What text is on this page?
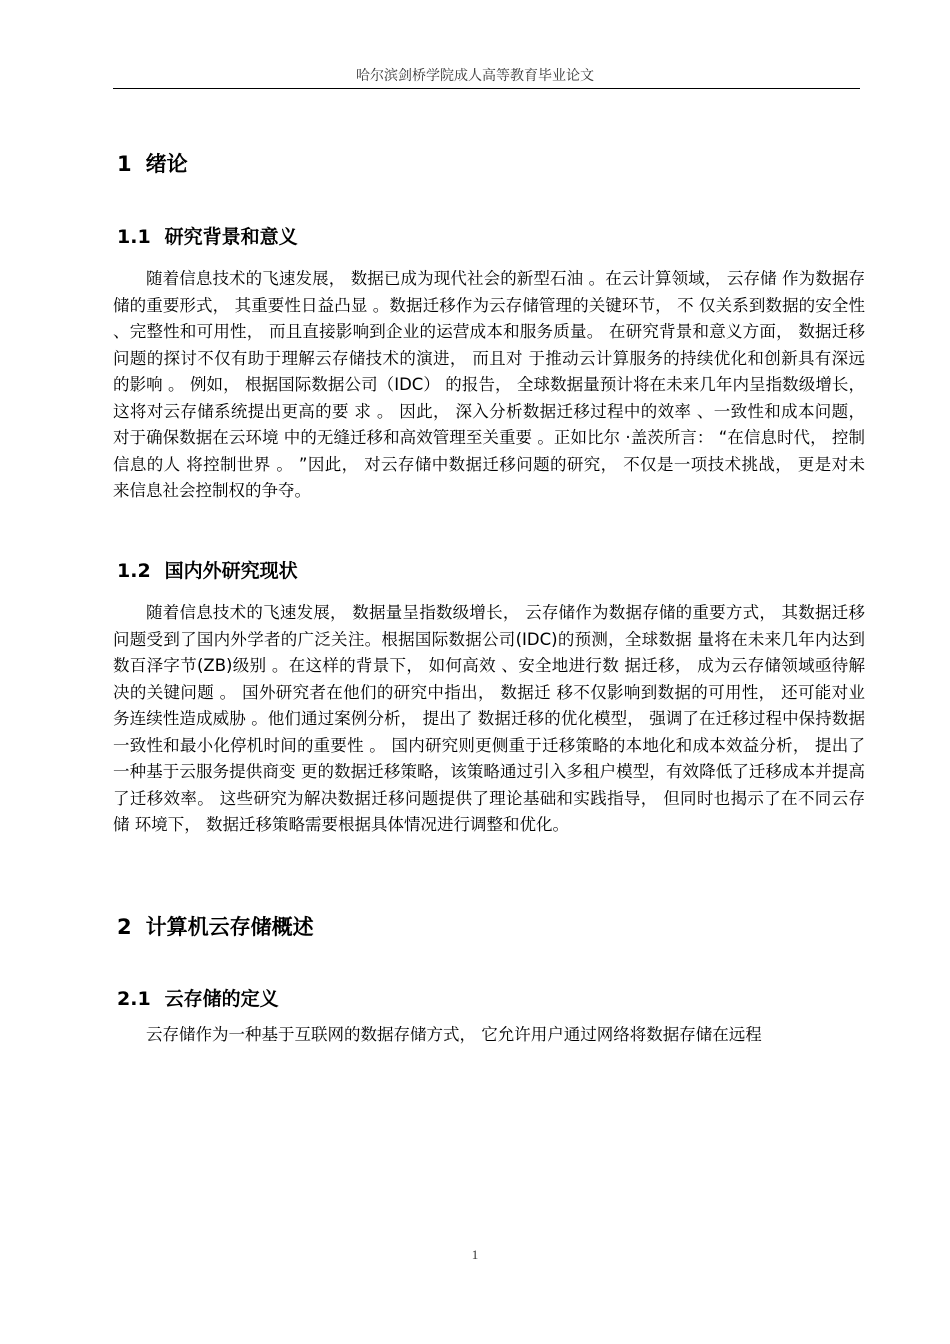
哈尔滨剑桥学院成人高等教育毕业论文
1 绪论
1.1 研究背景和意义

随着信息技术的飞速发展， 数据已成为现代社会的新型石油 。在云计算领域， 云存储 作为数据存储的重要形式， 其重要性日益凸显 。数据迁移作为云存储管理的关键环节， 不 仅关系到数据的安全性 、完整性和可用性， 而且直接影响到企业的运营成本和服务质量。 在研究背景和意义方面， 数据迁移问题的探讨不仅有助于理解云存储技术的演进， 而且对 于推动云计算服务的持续优化和创新具有深远的影响 。 例如， 根据国际数据公司（IDC） 的报告， 全球数据量预计将在未来几年内呈指数级增长， 这将对云存储系统提出更高的要 求 。 因此， 深入分析数据迁移过程中的效率 、一致性和成本问题， 对于确保数据在云环境 中的无缝迁移和高效管理至关重要 。正如比尔 ·盖茨所言： “在信息时代， 控制信息的人 将控制世界 。 ”因此， 对云存储中数据迁移问题的研究， 不仅是一项技术挑战， 更是对未 来信息社会控制权的争夺。

1.2 国内外研究现状

随着信息技术的飞速发展， 数据量呈指数级增长， 云存储作为数据存储的重要方式， 其数据迁移问题受到了国内外学者的广泛关注。根据国际数据公司(IDC)的预测，全球数据 量将在未来几年内达到数百泽字节(ZB)级别 。在这样的背景下， 如何高效 、安全地进行数 据迁移， 成为云存储领域亟待解决的关键问题 。 国外研究者在他们的研究中指出， 数据迁 移不仅影响到数据的可用性， 还可能对业务连续性造成威胁 。他们通过案例分析， 提出了 数据迁移的优化模型， 强调了在迁移过程中保持数据一致性和最小化停机时间的重要性 。 国内研究则更侧重于迁移策略的本地化和成本效益分析， 提出了一种基于云服务提供商变 更的数据迁移策略，该策略通过引入多租户模型，有效降低了迁移成本并提高了迁移效率。 这些研究为解决数据迁移问题提供了理论基础和实践指导， 但同时也揭示了在不同云存储 环境下， 数据迁移策略需要根据具体情况进行调整和优化。

2 计算机云存储概述
2.1 云存储的定义

云存储作为一种基于互联网的数据存储方式， 它允许用户通过网络将数据存储在远程

1
